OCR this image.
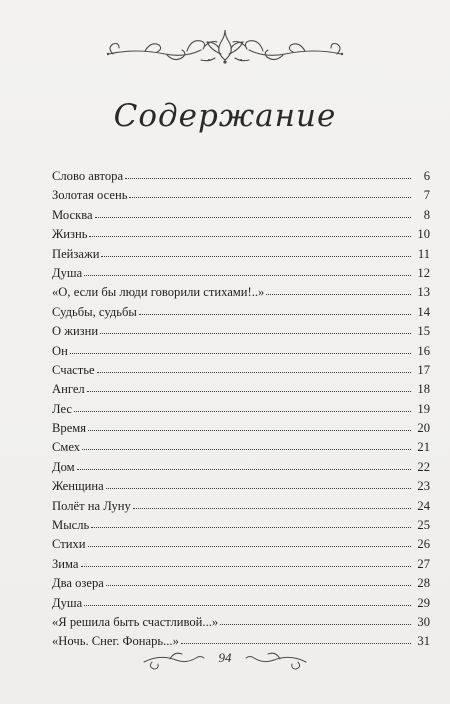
Содержание
Слово автора	6
Золотая осень	7
Москва	8
Жизнь	10
Пейзажи	11
Душа	12
«О, если бы люди говорили стихами!..»	13
Судьбы, судьбы	14
О жизни	15
Он	16
Счастье	17
Ангел	18
Лес	19
Время	20
Смех	21
Дом	22
Женщина	23
Полёт на Луну	24
Мысль	25
Стихи	26
Зима	27
Два озера	28
Душа	29
«Я решила быть счастливой...»	30
«Ночь. Снег. Фонарь...»	31
94
